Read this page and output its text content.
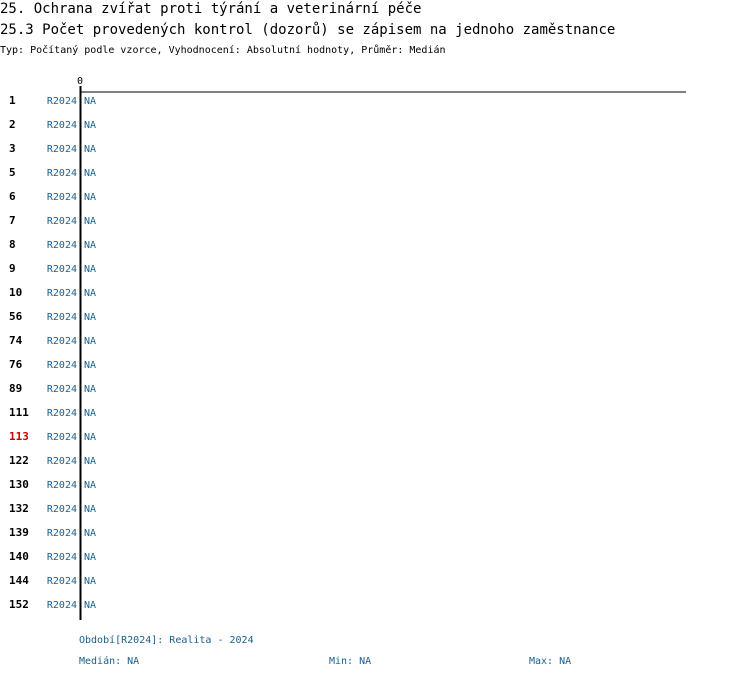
25. Ochrana zvířat proti týrání a veterinární péče
25.3 Počet provedených kontrol (dozorů) se zápisem na jednoho zaměstnance
Typ: Počítaný podle vzorce, Vyhodnocení: Absolutní hodnoty, Průměr: Medián
0
1	R2024 NA
2	R2024 NA
3	R2024 NA
5	R2024 NA
6	R2024 NA
7	R2024 NA
8	R2024 NA
9	R2024 NA
10 R2024 NA
56 R2024 NA
74 R2024 NA
76 R2024 NA
89 R2024 NA
111 R2024 NA
113 R2024 NA
122 R2024 NA
130 R2024 NA
132 R2024 NA
139 R2024 NA
140 R2024 NA
144 R2024 NA
152 R2024 NA
Období[R2024]: Realita - 2024
Medián: NA	Min: NA	Max: NA
